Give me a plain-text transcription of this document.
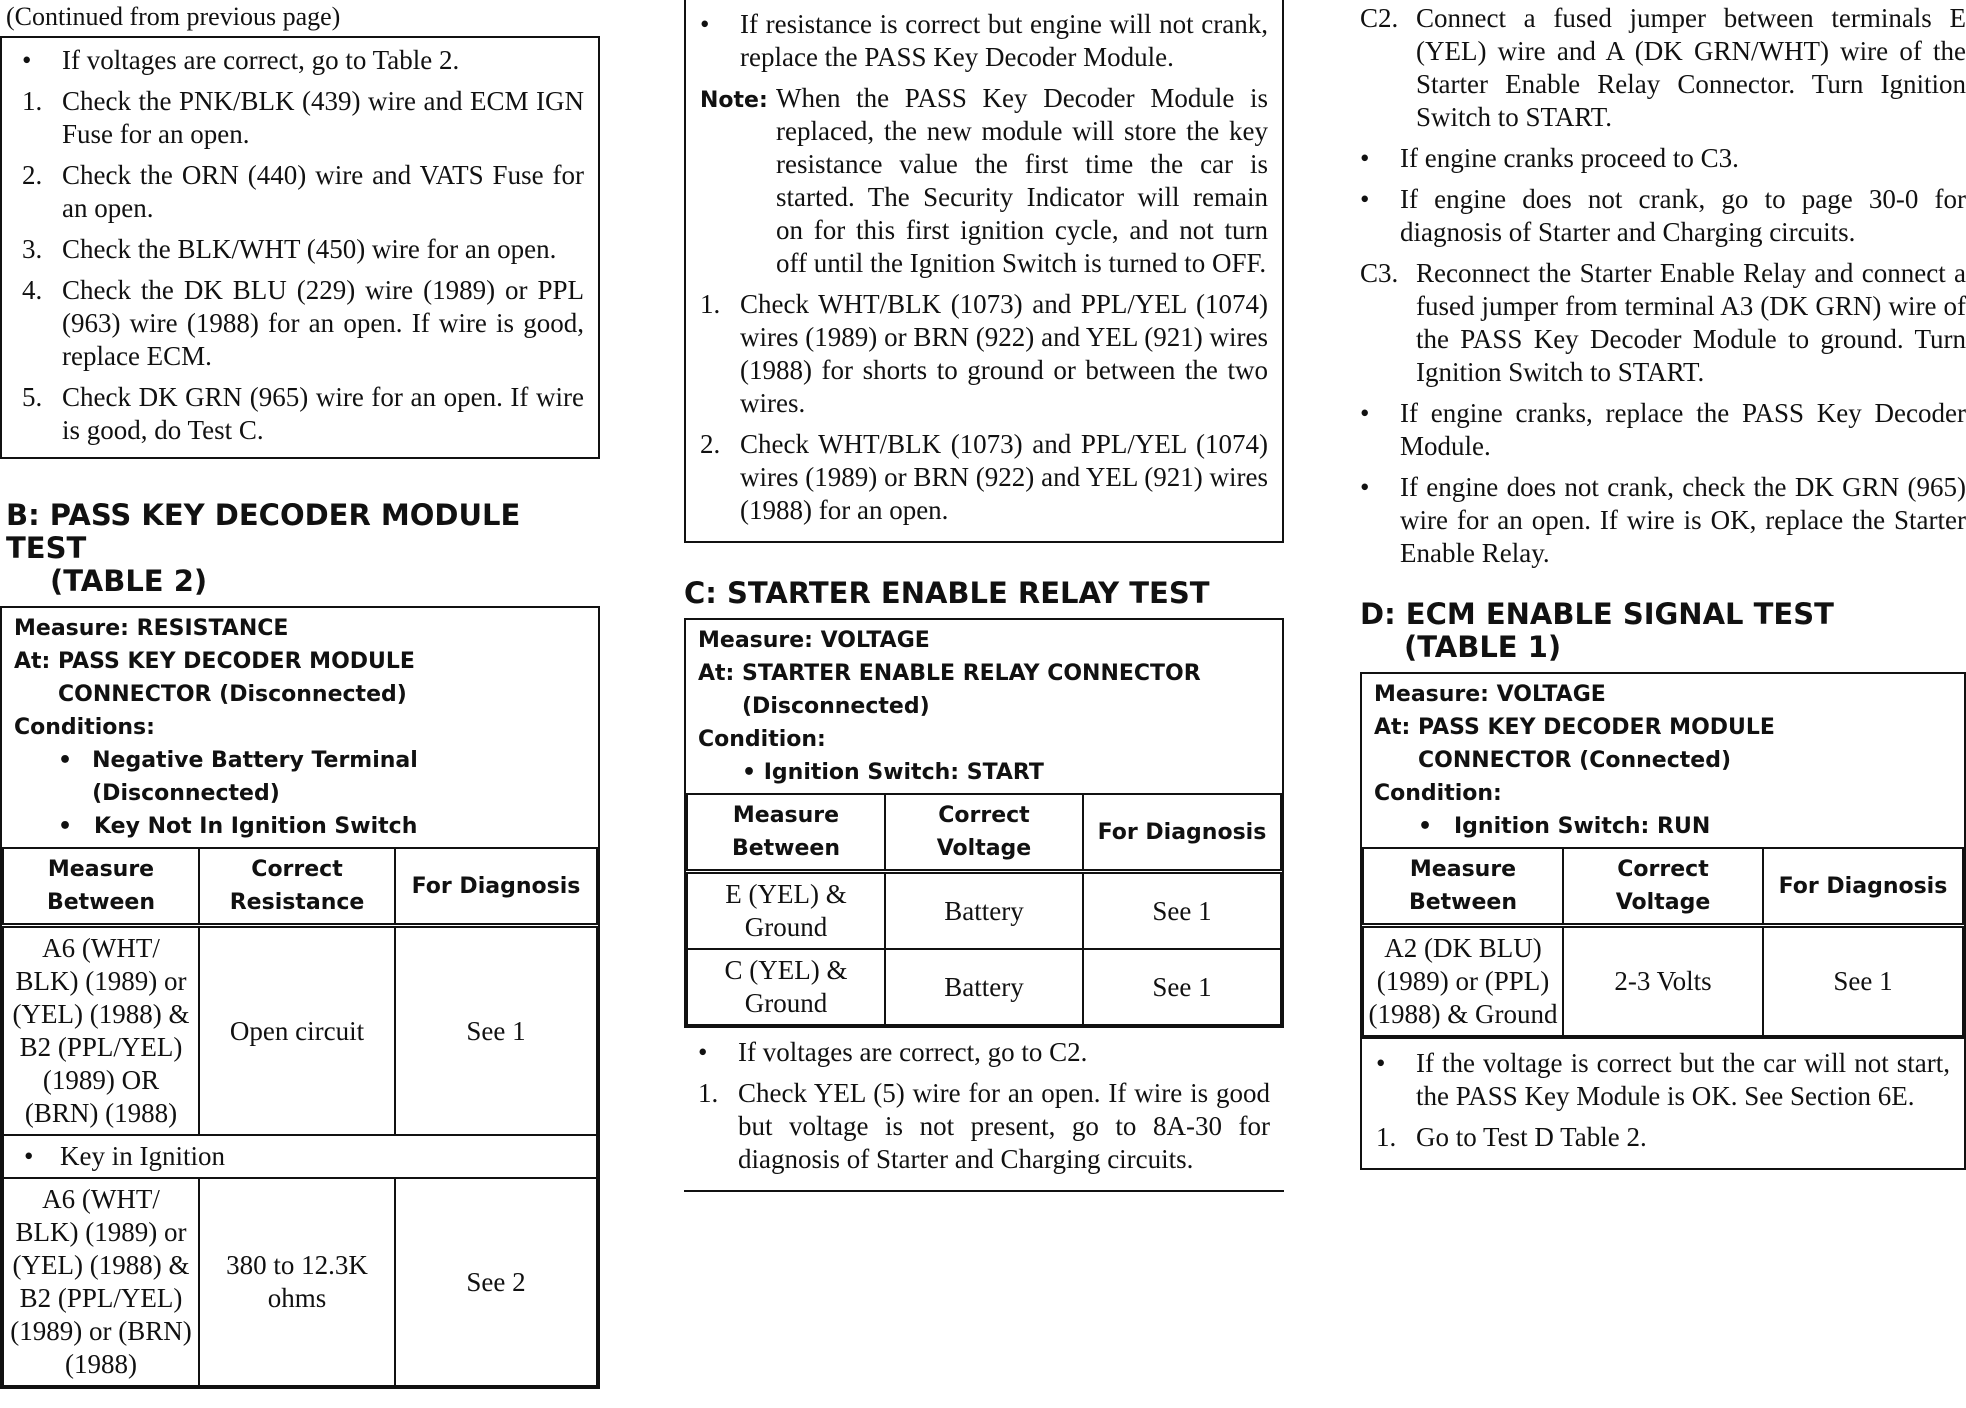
(Continued from previous page)
•	If voltages are correct, go to Table 2.
1. Check the PNK/BLK (439) wire and ECM IGN Fuse for an open.
2. Check the ORN (440) wire and VATS Fuse for an open.
3. Check the BLK/WHT (450) wire for an open.
4. Check the DK BLU (229) wire (1989) or PPL (963) wire (1988) for an open. If wire is good, replace ECM.
5. Check DK GRN (965) wire for an open. If wire is good, do Test C.
B: PASS KEY DECODER MODULE TEST
(TABLE 2)
Measure: RESISTANCE
At: PASS KEY DECODER MODULE
CONNECTOR (Disconnected)
Conditions:
• Negative Battery Terminal (Disconnected)
• Key Not In Ignition Switch
Measure Between	Correct Resistance	For Diagnosis
A6 (WHT/ BLK) (1989) or (YEL) (1988) & B2 (PPL/YEL) (1989) OR (BRN) (1988)	Open circuit	See 1
• Key in Ignition		
A6 (WHT/ BLK) (1989) or (YEL) (1988) & B2 (PPL/YEL) (1989) or (BRN) (1988)	380 to 12.3K ohms	See 2
•	If resistance is correct but engine will not crank, replace the PASS Key Decoder Module.
Note: When the PASS Key Decoder Module is replaced, the new module will store the key resistance value the first time the car is started. The Security Indicator will remain on for this first ignition cycle, and not turn off until the Ignition Switch is turned to OFF.
1. Check WHT/BLK (1073) and PPL/YEL (1074) wires (1989) or BRN (922) and YEL (921) wires (1988) for shorts to ground or between the two wires.
2. Check WHT/BLK (1073) and PPL/YEL (1074) wires (1989) or BRN (922) and YEL (921) wires (1988) for an open.
C: STARTER ENABLE RELAY TEST
Measure: VOLTAGE
At: STARTER ENABLE RELAY CONNECTOR
(Disconnected)
Condition:
• Ignition Switch: START
Measure Between	Correct Voltage	For Diagnosis
E (YEL) & Ground	Battery	See 1
C (YEL) & Ground	Battery	See 1
•	If voltages are correct, go to C2.
1. Check YEL (5) wire for an open. If wire is good but voltage is not present, go to 8A-30 for diagnosis of Starter and Charging circuits.
C2. Connect a fused jumper between terminals E (YEL) wire and A (DK GRN/WHT) wire of the Starter Enable Relay Connector. Turn Ignition Switch to START.
•	If engine cranks proceed to C3.
•	If engine does not crank, go to page 30-0 for diagnosis of Starter and Charging circuits.
C3. Reconnect the Starter Enable Relay and connect a fused jumper from terminal A3 (DK GRN) wire of the PASS Key Decoder Module to ground. Turn Ignition Switch to START.
•	If engine cranks, replace the PASS Key Decoder Module.
•	If engine does not crank, check the DK GRN (965) wire for an open. If wire is OK, replace the Starter Enable Relay.
D: ECM ENABLE SIGNAL TEST
(TABLE 1)
Measure: VOLTAGE
At: PASS KEY DECODER MODULE
CONNECTOR (Connected)
Condition:
• Ignition Switch: RUN
Measure Between	Correct Voltage	For Diagnosis
A2 (DK BLU) (1989) or (PPL) (1988) & Ground	2-3 Volts	See 1
•	If the voltage is correct but the car will not start, the PASS Key Module is OK. See Section 6E.
1. Go to Test D Table 2.
